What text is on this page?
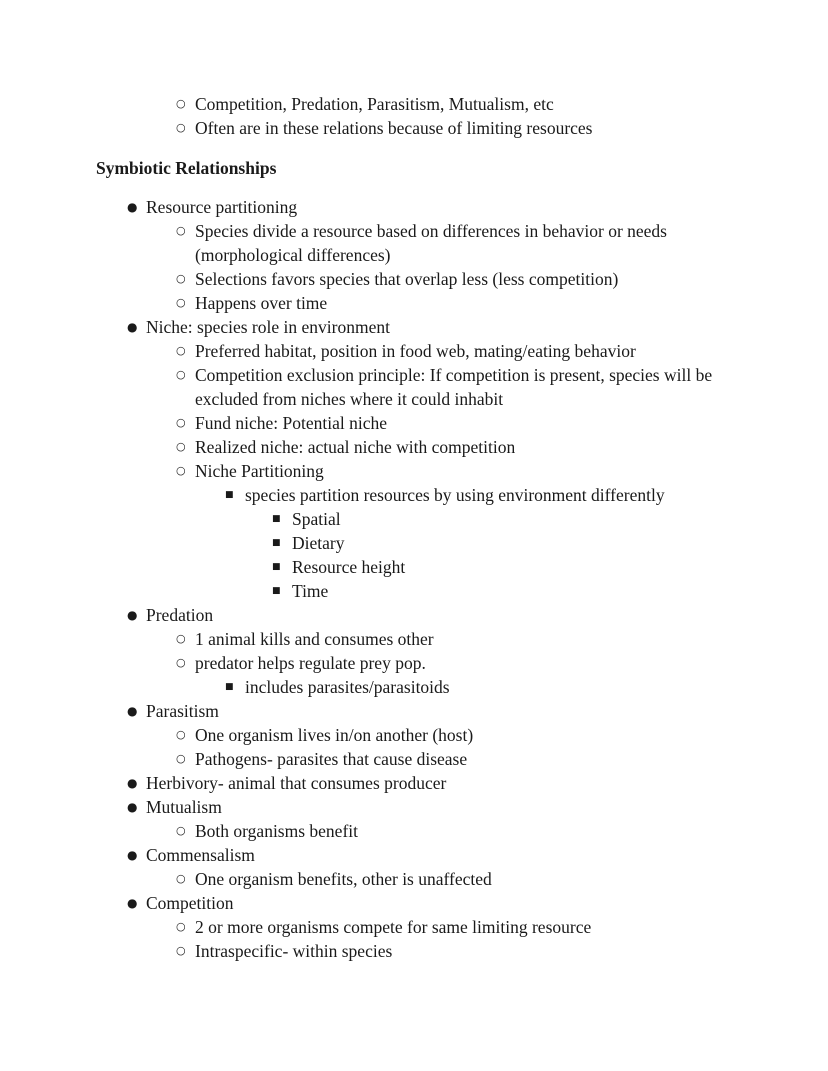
○ Competition, Predation, Parasitism, Mutualism, etc
○ Often are in these relations because of limiting resources
Symbiotic Relationships
● Resource partitioning
○ Species divide a resource based on differences in behavior or needs (morphological differences)
○ Selections favors species that overlap less (less competition)
○ Happens over time
● Niche: species role in environment
○ Preferred habitat, position in food web, mating/eating behavior
○ Competition exclusion principle: If competition is present, species will be excluded from niches where it could inhabit
○ Fund niche: Potential niche
○ Realized niche: actual niche with competition
○ Niche Partitioning
■ species partition resources by using environment differently
■ Spatial
■ Dietary
■ Resource height
■ Time
● Predation
○ 1 animal kills and consumes other
○ predator helps regulate prey pop.
■ includes parasites/parasitoids
● Parasitism
○ One organism lives in/on another (host)
○ Pathogens- parasites that cause disease
● Herbivory- animal that consumes producer
● Mutualism
○ Both organisms benefit
● Commensalism
○ One organism benefits, other is unaffected
● Competition
○ 2 or more organisms compete for same limiting resource
○ Intraspecific- within species
